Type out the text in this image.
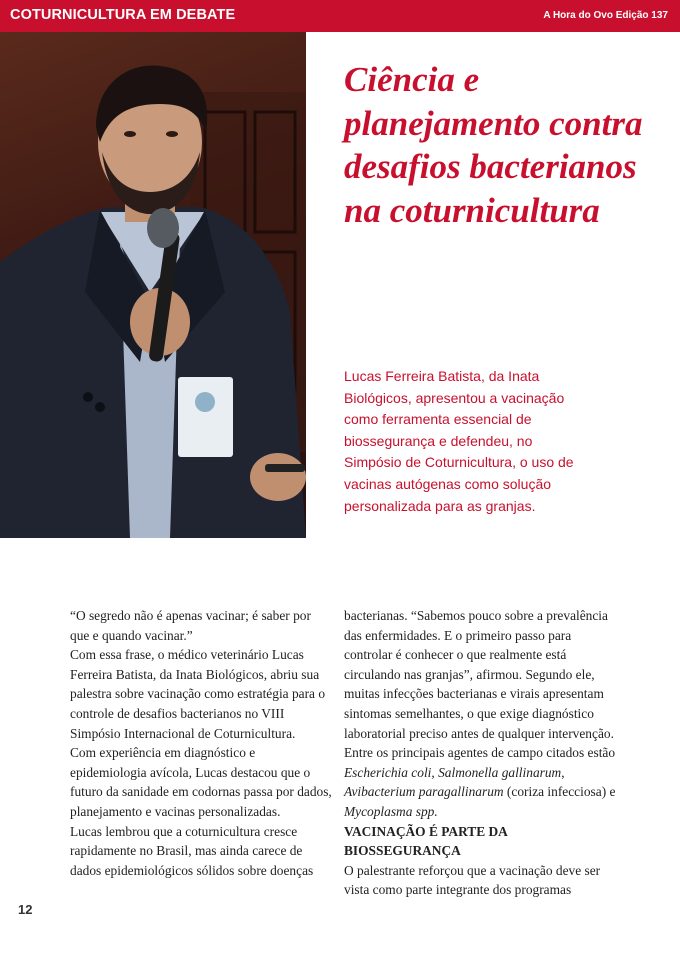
COTURNICULTURA EM DEBATE	A Hora do Ovo Edição 137
Ciência e planejamento contra desafios bacterianos na coturnicultura

Lucas Ferreira Batista, da Inata Biológicos, apresentou a vacinação como ferramenta essencial de biossegurança e defendeu, no Simpósio de Coturnicultura, o uso de vacinas autógenas como solução personalizada para as granjas.

“O segredo não é apenas vacinar; é saber por que e quando vacinar.”

Com essa frase, o médico veterinário Lucas Ferreira Batista, da Inata Biológicos, abriu sua palestra sobre vacinação como estratégia para o controle de desafios bacterianos no VIII Simpósio Internacional de Coturnicultura.

Com experiência em diagnóstico e epidemiologia avícola, Lucas destacou que o futuro da sanidade em codornas passa por dados, planejamento e vacinas personalizadas.

Lucas lembrou que a coturnicultura cresce rapidamente no Brasil, mas ainda carece de dados epidemiológicos sólidos sobre doenças

bacterianas. “Sabemos pouco sobre a prevalência das enfermidades. E o primeiro passo para controlar é conhecer o que realmente está circulando nas granjas”, afirmou. Segundo ele, muitas infecções bacterianas e virais apresentam sintomas semelhantes, o que exige diagnóstico laboratorial preciso antes de qualquer intervenção.

Entre os principais agentes de campo citados estão Escherichia coli, Salmonella gallinarum, Avibacterium paragallinarum (coriza infecciosa) e Mycoplasma spp.

VACINAÇÃO É PARTE DA BIOSSEGURANÇA

O palestrante reforçou que a vacinação deve ser vista como parte integrante dos programas

12
